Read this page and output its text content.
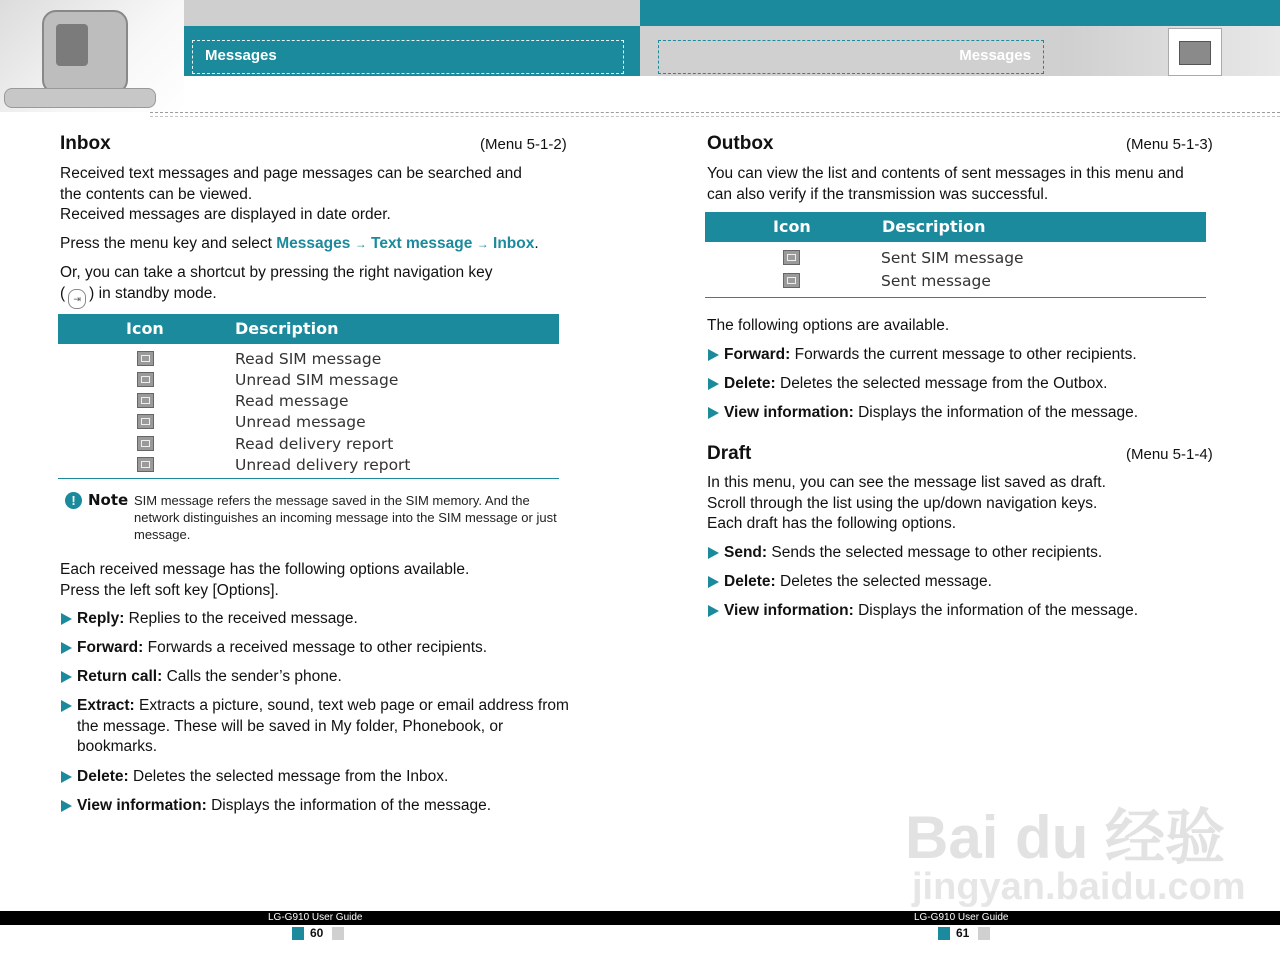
Messages	Messages
Inbox	(Menu 5-1-2)
Received text messages and page messages can be searched and
the contents can be viewed.
Received messages are displayed in date order.
Press the menu key and select Messages → Text message → Inbox.
Or, you can take a shortcut by pressing the right navigation key
( ⇥ ) in standby mode.
Icon	Description
Read SIM message
Unread SIM message
Read message
Unread message
Read delivery report
Unread delivery report
! Note SIM message refers the message saved in the SIM memory. And the network distinguishes an incoming message into the SIM message or just message.
Each received message has the following options available.
Press the left soft key [Options].
Reply: Replies to the received message.
Forward: Forwards a received message to other recipients.
Return call: Calls the sender’s phone.
Extract: Extracts a picture, sound, text web page or email address from the message. These will be saved in My folder, Phonebook, or bookmarks.
Delete: Deletes the selected message from the Inbox.
View information: Displays the information of the message.
Outbox	(Menu 5-1-3)
You can view the list and contents of sent messages in this menu and
can also verify if the transmission was successful.
Icon	Description
Sent SIM message
Sent message
The following options are available.
Forward: Forwards the current message to other recipients.
Delete: Deletes the selected message from the Outbox.
View information: Displays the information of the message.
Draft	(Menu 5-1-4)
In this menu, you can see the message list saved as draft.
Scroll through the list using the up/down navigation keys.
Each draft has the following options.
Send: Sends the selected message to other recipients.
Delete: Deletes the selected message.
View information: Displays the information of the message.
Bai du 经验
jingyan.baidu.com
LG-G910 User Guide	LG-G910 User Guide
60	61
